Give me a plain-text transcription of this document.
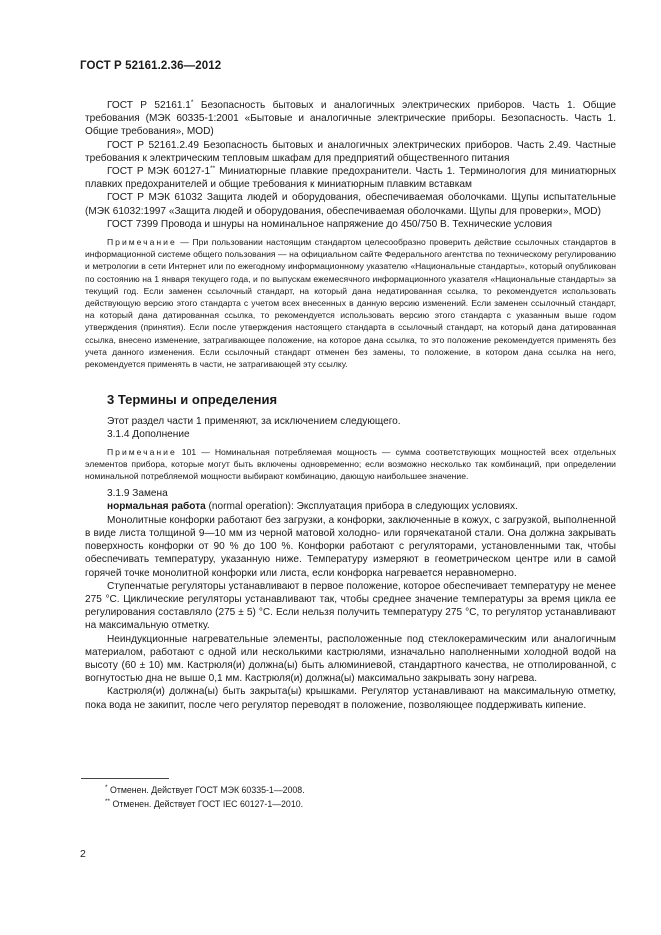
ГОСТ Р 52161.2.36—2012

ГОСТ Р 52161.1* Безопасность бытовых и аналогичных электрических приборов. Часть 1. Общие требования (МЭК 60335-1:2001 «Бытовые и аналогичные электрические приборы. Безопасность. Часть 1. Общие требования», MOD)

ГОСТ Р 52161.2.49 Безопасность бытовых и аналогичных электрических приборов. Часть 2.49. Частные требования к электрическим тепловым шкафам для предприятий общественного питания

ГОСТ Р МЭК 60127-1** Миниатюрные плавкие предохранители. Часть 1. Терминология для миниатюрных плавких предохранителей и общие требования к миниатюрным плавким вставкам

ГОСТ Р МЭК 61032 Защита людей и оборудования, обеспечиваемая оболочками. Щупы испытательные (МЭК 61032:1997 «Защита людей и оборудования, обеспечиваемая оболочками. Щупы для проверки», MOD)

ГОСТ 7399 Провода и шнуры на номинальное напряжение до 450/750 В. Технические условия

Примечание — При пользовании настоящим стандартом целесообразно проверить действие ссылочных стандартов в информационной системе общего пользования — на официальном сайте Федерального агентства по техническому регулированию и метрологии в сети Интернет или по ежегодному информационному указателю «Национальные стандарты», который опубликован по состоянию на 1 января текущего года, и по выпускам ежемесячного информационного указателя «Национальные стандарты» за текущий год. Если заменен ссылочный стандарт, на который дана недатированная ссылка, то рекомендуется использовать действующую версию этого стандарта с учетом всех внесенных в данную версию изменений. Если заменен ссылочный стандарт, на который дана датированная ссылка, то рекомендуется использовать версию этого стандарта с указанным выше годом утверждения (принятия). Если после утверждения настоящего стандарта в ссылочный стандарт, на который дана датированная ссылка, внесено изменение, затрагивающее положение, на которое дана ссылка, то это положение рекомендуется применять без учета данного изменения. Если ссылочный стандарт отменен без замены, то положение, в котором дана ссылка на него, рекомендуется применять в части, не затрагивающей эту ссылку.

3 Термины и определения

Этот раздел части 1 применяют, за исключением следующего.

3.1.4 Дополнение

Примечание 101 — Номинальная потребляемая мощность — сумма соответствующих мощностей всех отдельных элементов прибора, которые могут быть включены одновременно; если возможно несколько так комбинаций, при определении номинальной потребляемой мощности выбирают комбинацию, дающую наибольшее значение.

3.1.9 Замена

нормальная работа (normal operation): Эксплуатация прибора в следующих условиях.

Монолитные конфорки работают без загрузки, а конфорки, заключенные в кожух, с загрузкой, выполненной в виде листа толщиной 9—10 мм из черной матовой холодно- или горячекатаной стали. Она должна закрывать поверхность конфорки от 90 % до 100 %. Конфорки работают с регуляторами, установленными так, чтобы обеспечивать температуру, указанную ниже. Температуру измеряют в геометрическом центре или в самой горячей точке монолитной конфорки или листа, если конфорка нагревается неравномерно.

Ступенчатые регуляторы устанавливают в первое положение, которое обеспечивает температуру не менее 275 °С. Циклические регуляторы устанавливают так, чтобы среднее значение температуры за время цикла ее регулирования составляло (275 ± 5) °С. Если нельзя получить температуру 275 °С, то регулятор устанавливают на максимальную отметку.

Неиндукционные нагревательные элементы, расположенные под стеклокерамическим или аналогичным материалом, работают с одной или несколькими кастрюлями, изначально наполненными холодной водой на высоту (60 ± 10) мм. Кастрюля(и) должна(ы) быть алюминиевой, стандартного качества, не отполированной, с вогнутостью дна не выше 0,1 мм. Кастрюля(и) должна(ы) максимально закрывать зону нагрева.

Кастрюля(и) должна(ы) быть закрыта(ы) крышками. Регулятор устанавливают на максимальную отметку, пока вода не закипит, после чего регулятор переводят в положение, позволяющее поддерживать кипение.

* Отменен. Действует ГОСТ МЭК 60335-1—2008.
** Отменен. Действует ГОСТ IEC 60127-1—2010.
2
